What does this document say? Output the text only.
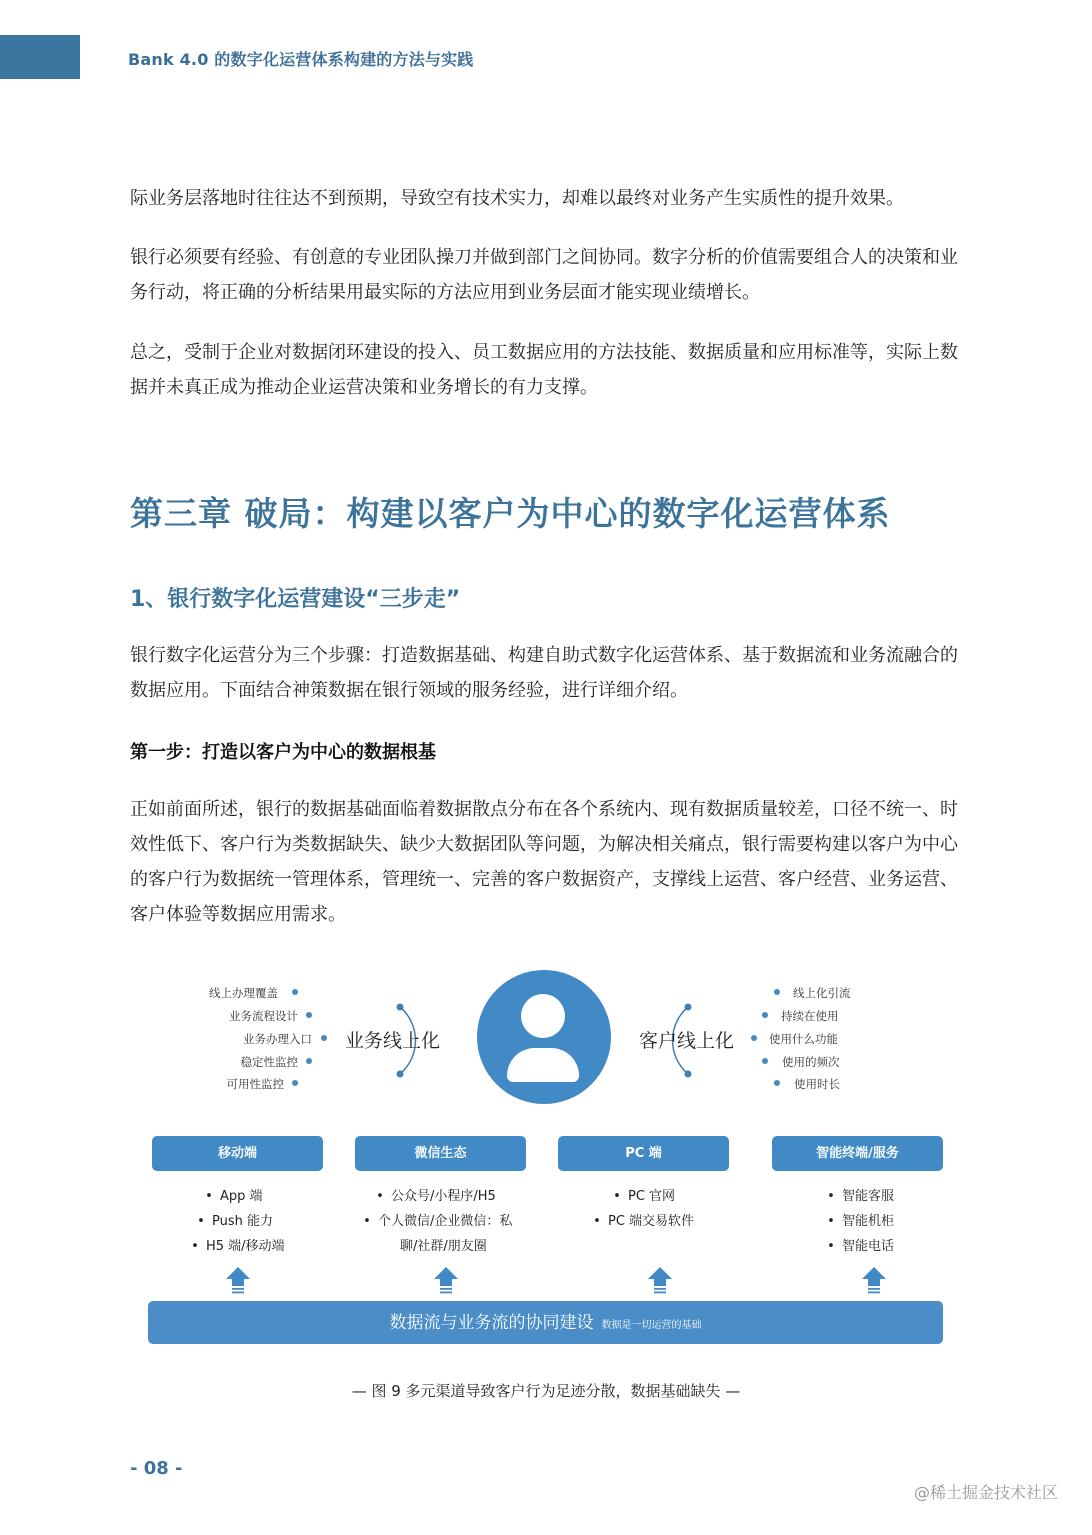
Bank 4.0 的数字化运营体系构建的方法与实践

际业务层落地时往往达不到预期，导致空有技术实力，却难以最终对业务产生实质性的提升效果。

银行必须要有经验、有创意的专业团队操刀并做到部门之间协同。数字分析的价值需要组合人的决策和业务行动，将正确的分析结果用最实际的方法应用到业务层面才能实现业绩增长。

总之，受制于企业对数据闭环建设的投入、员工数据应用的方法技能、数据质量和应用标准等，实际上数据并未真正成为推动企业运营决策和业务增长的有力支撑。

第三章 破局：构建以客户为中心的数字化运营体系
1、银行数字化运营建设“三步走”

银行数字化运营分为三个步骤：打造数据基础、构建自助式数字化运营体系、基于数据流和业务流融合的数据应用。下面结合神策数据在银行领域的服务经验，进行详细介绍。

第一步：打造以客户为中心的数据根基

正如前面所述，银行的数据基础面临着数据散点分布在各个系统内、现有数据质量较差，口径不统一、时效性低下、客户行为类数据缺失、缺少大数据团队等问题，为解决相关痛点，银行需要构建以客户为中心的客户行为数据统一管理体系，管理统一、完善的客户数据资产，支撑线上运营、客户经营、业务运营、客户体验等数据应用需求。

业务线上化	客户线上化
线上办理覆盖
业务流程设计
业务办理入口
稳定性监控
可用性监控
线上化引流
持续在使用
使用什么功能
使用的频次
使用时长
移动端	微信生态	PC 端	智能终端/服务
• App 端
• Push 能力
• H5 端/移动端
• 公众号/小程序/H5
• 个人微信/企业微信：私
聊/社群/朋友圈
• PC 官网
• PC 端交易软件
• 智能客服
• 智能机柜
• 智能电话
数据流与业务流的协同建设 数据是一切运营的基础
— 图 9 多元渠道导致客户行为足迹分散，数据基础缺失 —
- 08 -
@稀土掘金技术社区
